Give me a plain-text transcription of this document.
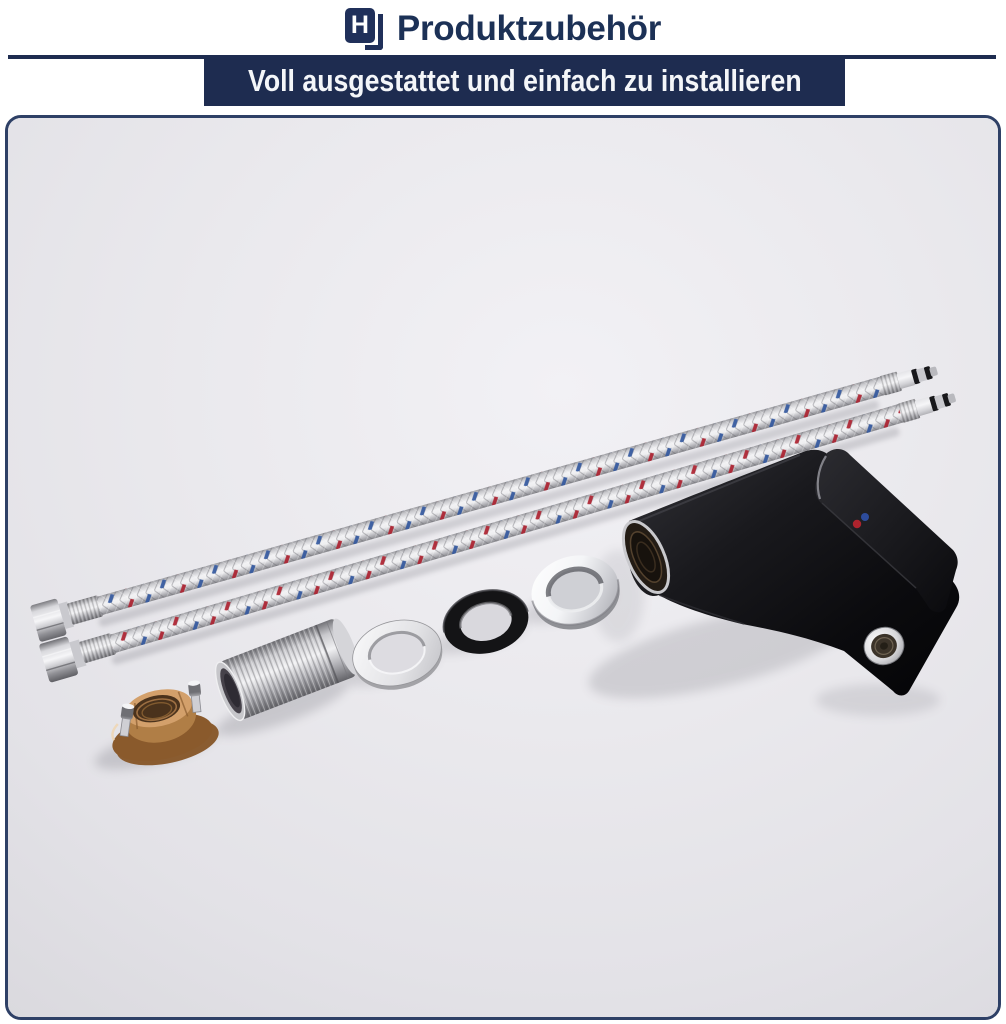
H Produktzubehör
Voll ausgestattet und einfach zu installieren
